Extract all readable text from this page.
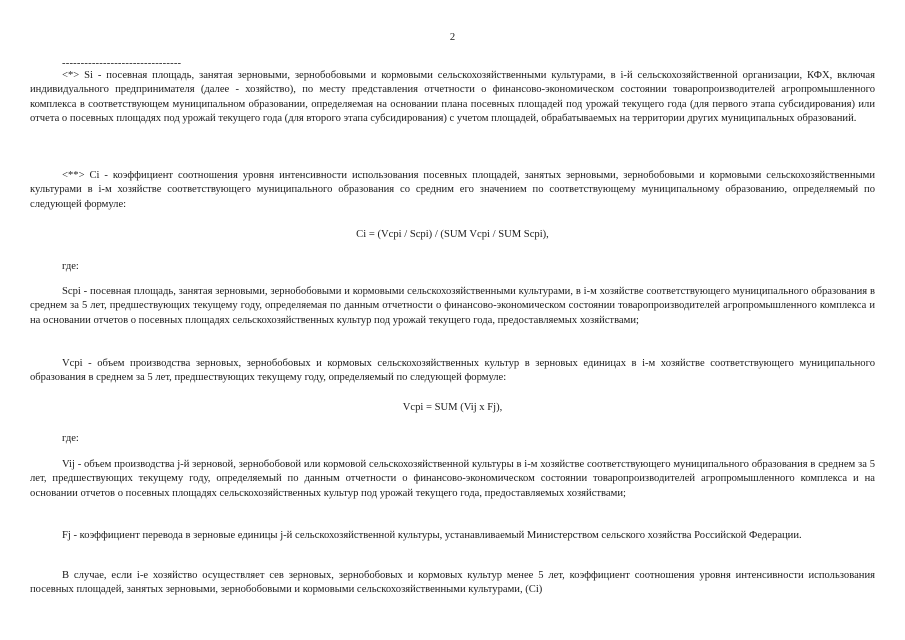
2
--------------------------------

<*> Si - посевная площадь, занятая зерновыми, зернобобовыми и кормовыми сельскохозяйственными культурами, в i-й сельскохозяйственной организации, КФХ, включая индивидуального предпринимателя (далее - хозяйство), по месту представления отчетности о финансово-экономическом состоянии товаропроизводителей агропромышленного комплекса в соответствующем муниципальном образовании, определяемая на основании плана посевных площадей под урожай текущего года (для первого этапа субсидирования) или отчета о посевных площадях под урожай текущего года (для второго этапа субсидирования) с учетом площадей, обрабатываемых на территории других муниципальных образований.

<**> Ci - коэффициент соотношения уровня интенсивности использования посевных площадей, занятых зерновыми, зернобобовыми и кормовыми сельскохозяйственными культурами в i-м хозяйстве соответствующего муниципального образования со средним его значением по соответствующему муниципальному образованию, определяемый по следующей формуле:

Ci = (Vcpi / Scpi) / (SUM Vcpi / SUM Scpi),
где:

Scpi - посевная площадь, занятая зерновыми, зернобобовыми и кормовыми сельскохозяйственными культурами, в i-м хозяйстве соответствующего муниципального образования в среднем за 5 лет, предшествующих текущему году, определяемая по данным отчетности о финансово-экономическом состоянии товаропроизводителей агропромышленного комплекса и на основании отчетов о посевных площадях сельскохозяйственных культур под урожай текущего года, предоставляемых хозяйствами;

Vcpi - объем производства зерновых, зернобобовых и кормовых сельскохозяйственных культур в зерновых единицах в i-м хозяйстве соответствующего муниципального образования в среднем за 5 лет, предшествующих текущему году, определяемый по следующей формуле:

Vcpi = SUM (Vij x Fj),
где:

Vij - объем производства j-й зерновой, зернобобовой или кормовой сельскохозяйственной культуры в i-м хозяйстве соответствующего муниципального образования в среднем за 5 лет, предшествующих текущему году, определяемый по данным отчетности о финансово-экономическом состоянии товаропроизводителей агропромышленного комплекса и на основании отчетов о посевных площадях сельскохозяйственных культур под урожай текущего года, предоставляемых хозяйствами;

Fj - коэффициент перевода в зерновые единицы j-й сельскохозяйственной культуры, устанавливаемый Министерством сельского хозяйства Российской Федерации.

В случае, если i-е хозяйство осуществляет сев зерновых, зернобобовых и кормовых культур менее 5 лет, коэффициент соотношения уровня интенсивности использования посевных площадей, занятых зерновыми, зернобобовыми и кормовыми сельскохозяйственными культурами, (Ci)
